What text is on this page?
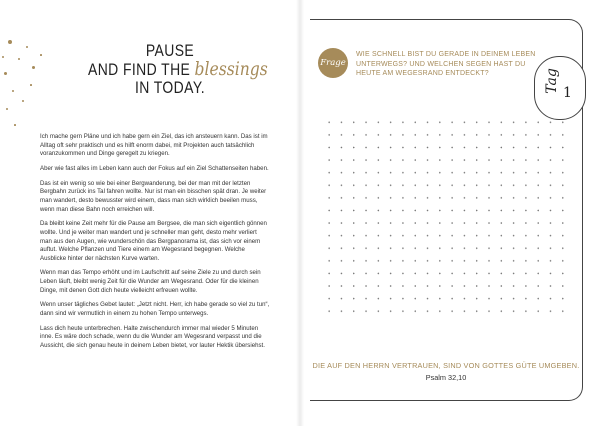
PAUSE
AND FIND THE blessings
IN TODAY.

Ich mache gern Pläne und ich habe gern ein Ziel, das ich ansteuern kann. Das ist im Alltag oft sehr praktisch und es hilft enorm dabei, mit Projekten auch tatsächlich voranzukommen und Dinge geregelt zu kriegen.

Aber wie fast alles im Leben kann auch der Fokus auf ein Ziel Schattenseiten haben.

Das ist ein wenig so wie bei einer Bergwanderung, bei der man mit der letzten Bergbahn zurück ins Tal fahren wollte. Nur ist man ein bisschen spät dran. Je weiter man wandert, desto bewusster wird einem, dass man sich wirklich beeilen muss, wenn man diese Bahn noch erreichen will.

Da bleibt keine Zeit mehr für die Pause am Bergsee, die man sich eigentlich gönnen wollte. Und je weiter man wandert und je schneller man geht, desto mehr verliert man aus den Augen, wie wunderschön das Bergpanorama ist, das sich vor einem auftut. Welche Pflanzen und Tiere einem am Wegesrand begegnen. Welche Ausblicke hinter der nächsten Kurve warten.

Wenn man das Tempo erhöht und im Laufschritt auf seine Ziele zu und durch sein Leben läuft, bleibt wenig Zeit für die Wunder am Wegesrand. Oder für die kleinen Dinge, mit denen Gott dich heute vielleicht erfreuen wollte.

Wenn unser tägliches Gebet lautet: „Jetzt nicht. Herr, ich habe gerade so viel zu tun“, dann sind wir vermutlich in einem zu hohen Tempo unterwegs.

Lass dich heute unterbrechen. Halte zwischendurch immer mal wieder 5 Minuten inne. Es wäre doch schade, wenn du die Wunder am Wegesrand verpasst und die Aussicht, die sich genau heute in deinem Leben bietet, vor lauter Hektik übersiehst.

Frage
WIE SCHNELL BIST DU GERADE IN DEINEM LEBEN UNTERWEGS? UND WELCHEN SEGEN HAST DU HEUTE AM WEGESRAND ENTDECKT?	Tag 1
DIE AUF DEN HERRN VERTRAUEN, SIND VON GOTTES GÜTE UMGEBEN.
Psalm 32,10
